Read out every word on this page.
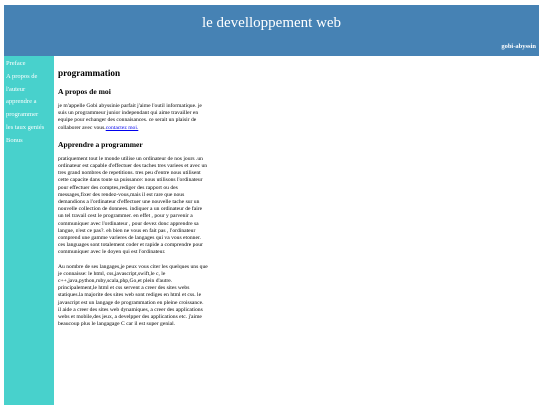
le develloppement web
gobi-abyssin
Preface
A propos de
l'auteur
apprendre a
programmer
les taux geniés
Bonus
programmation
A propos de moi

je m'appelle Gobi abyssinie parfait j'aime l'outil informatique. je suis un programmeur junior independant qui aime travailler en equipe pour echanger des connaisances. ce serait un plaisir de collaborer avec vous.contactez moi.

Apprendre a programmer

pratiquement tout le monde utilise un ordinateur de nos jours .un ordinateur est capable d'effectuer des taches tres variees et avec un tres grand nombres de repetitions. tres peu d'entre nous utilisent cette capacite dans toute sa puissance: nous utilisons l'ordinateur pour effectuer des comptes,rediger des rapport ou des messages,fixer des rendez-vous,mais il est rare que nous demandions a l'ordinateur d'effectuer une nouvelle tache sur un nouvelle collection de donnees. indiquer a un ordinateur de faire un tel travail cest le programmer. en effet , pour y parvenir a communiquer avec l'ordinateur , pour devez donc apprendre sa langue, n'est ce pas?. eh bien ne vous en fait pas , l'ordinateur comprend une gamme varieres de langages qui va vous etonner. ces languages sont totalement coder et rapide a comprendre pour communiquer avec le doyen qui est l'ordinateur.

Au nombre de ses langages,je peux vous citer les quelques uns que je connaisse: le html, css,javascript,swift,le c, le c++,java,python,ruby,scala,php,Go,et plein d'autre. principalement,le html et css servent a creer des sites webs statiques.la majorite des sites web sont rediges en html et css. le javascript est un langage de programmation en pleine croissance. il aide a creer des sites web dynamiques, a creer des applications webs et mobile,des jeux, a develpper des applications etc. j'aime beaucoup plus le langagage C car il est super genial.
